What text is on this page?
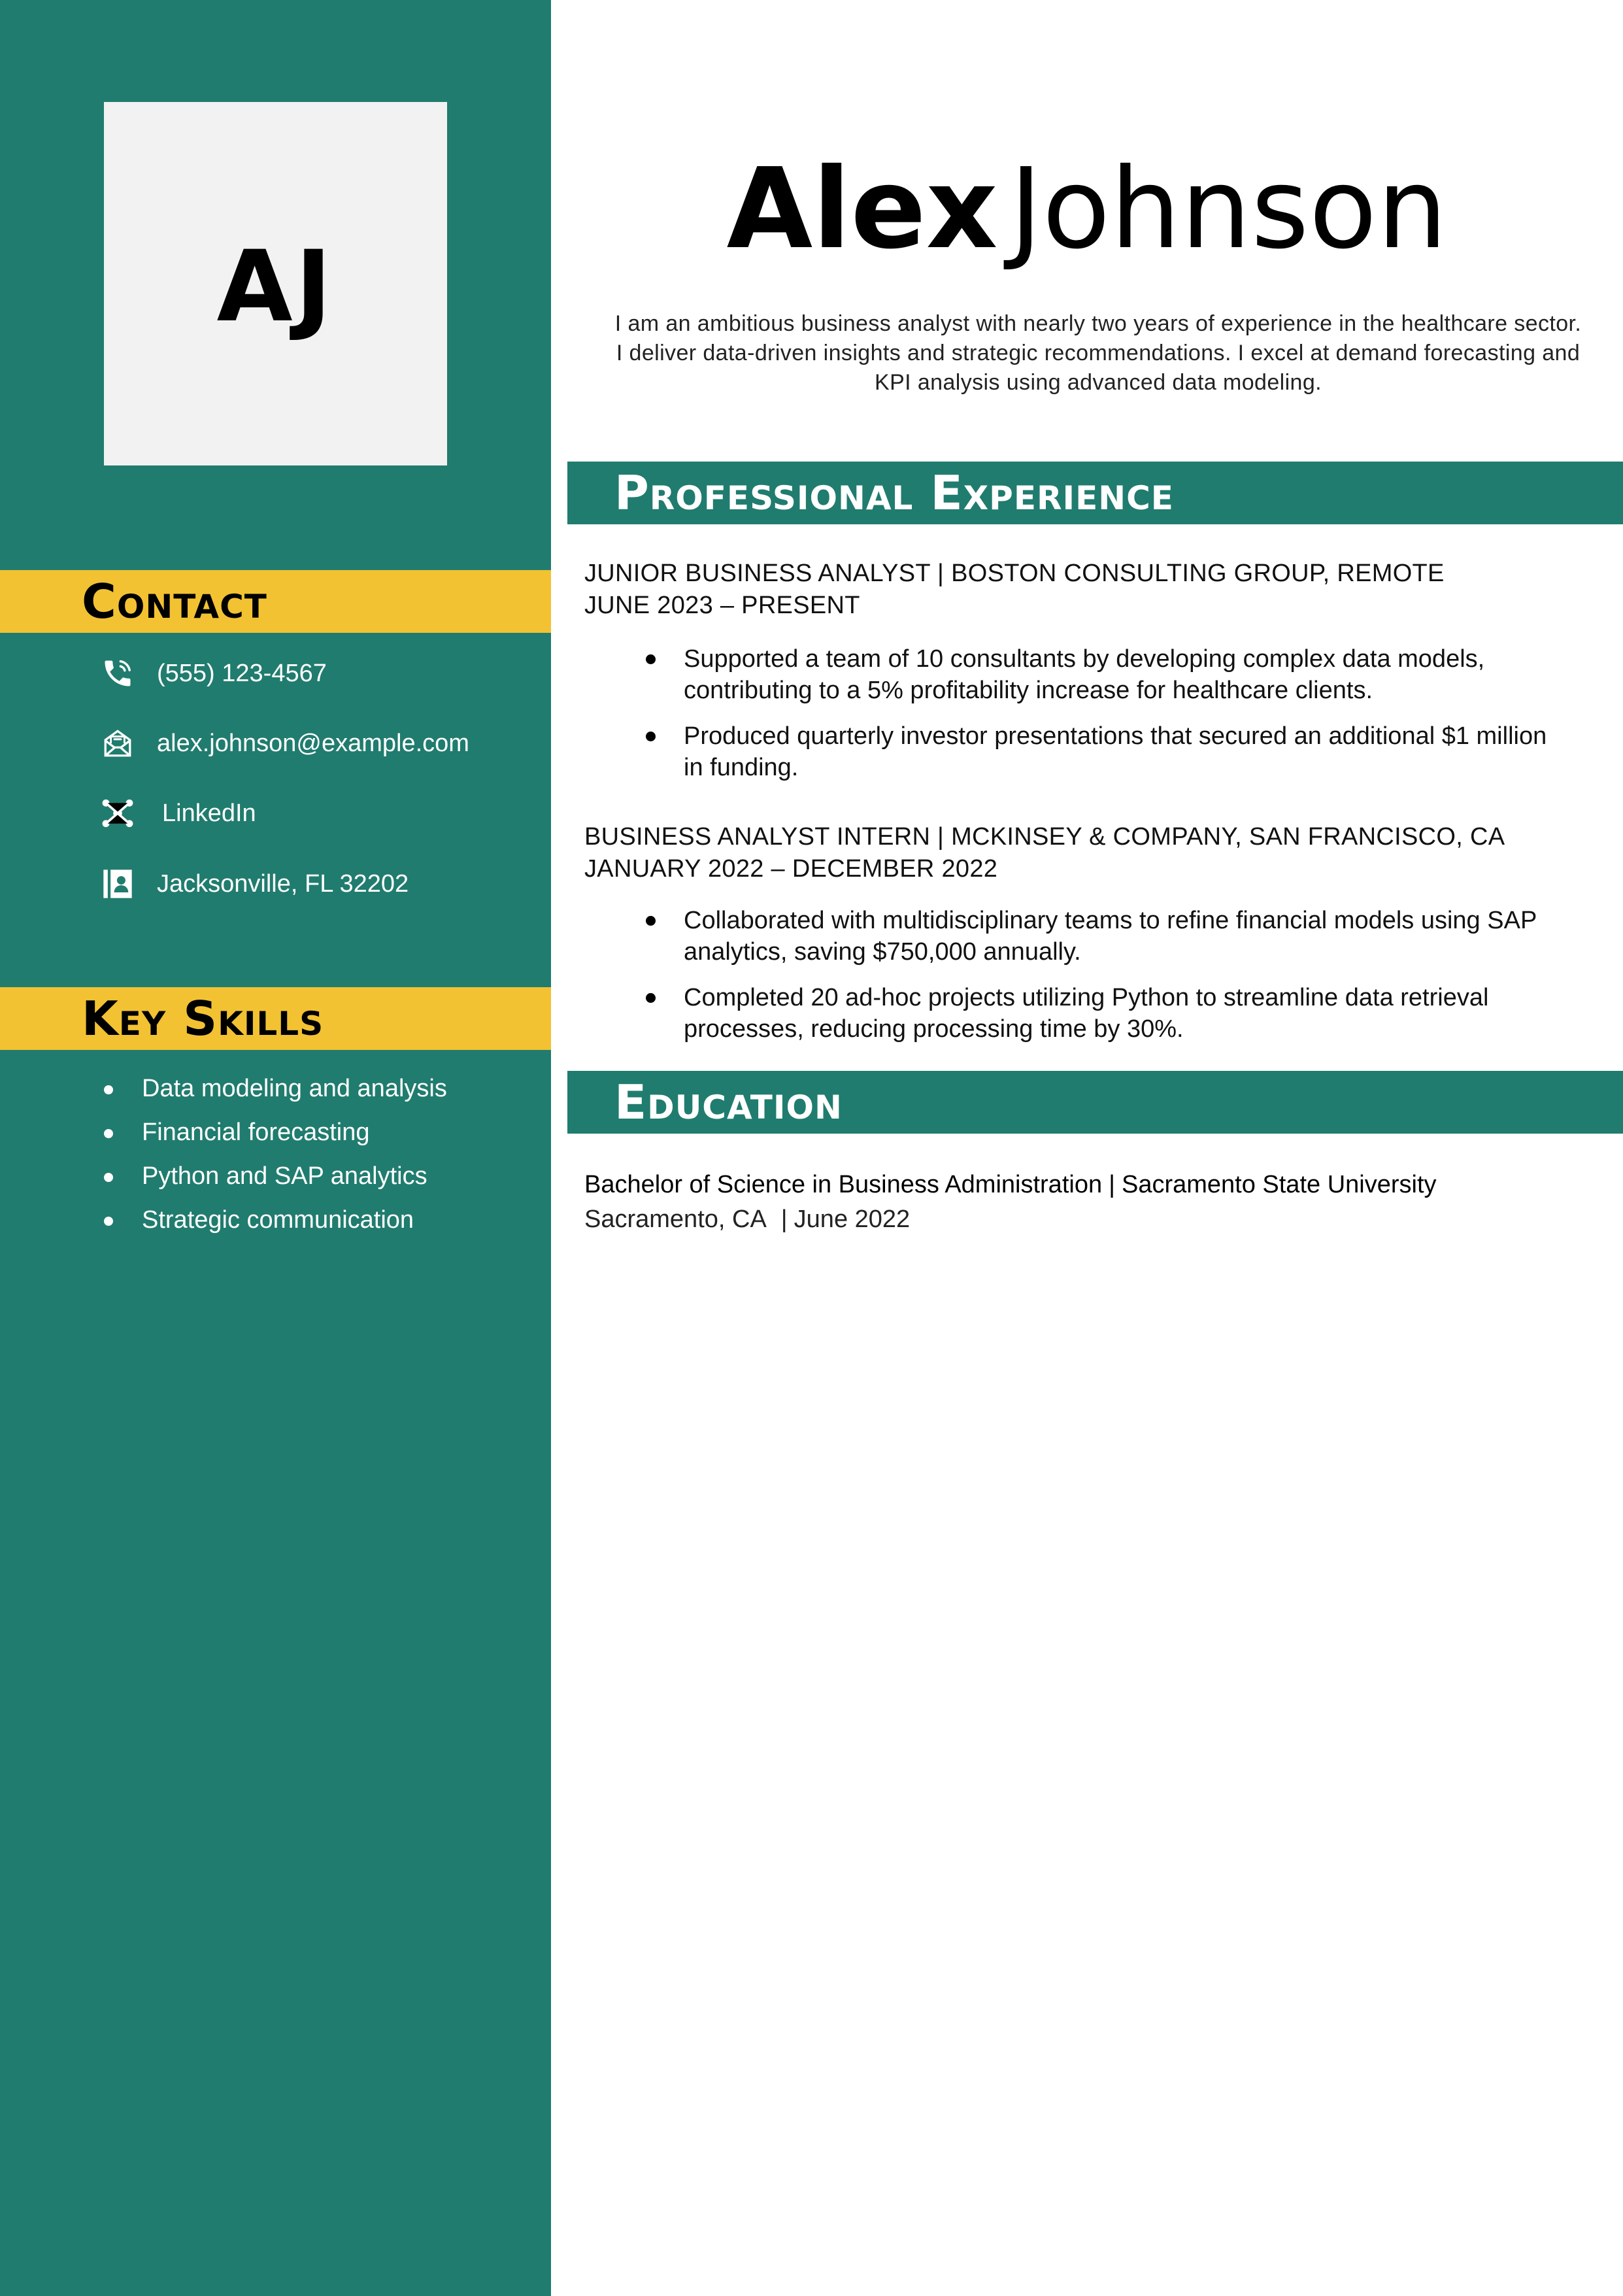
AJ
Contact
(555) 123-4567
alex.johnson@example.com
LinkedIn
Jacksonville, FL 32202
Key Skills
Data modeling and analysis
Financial forecasting
Python and SAP analytics
Strategic communication
Alex Johnson
I am an ambitious business analyst with nearly two years of experience in the healthcare sector. I deliver data-driven insights and strategic recommendations. I excel at demand forecasting and KPI analysis using advanced data modeling.
Professional Experience
JUNIOR BUSINESS ANALYST | BOSTON CONSULTING GROUP, REMOTE
JUNE 2023 – PRESENT
Supported a team of 10 consultants by developing complex data models, contributing to a 5% profitability increase for healthcare clients.
Produced quarterly investor presentations that secured an additional $1 million in funding.
BUSINESS ANALYST INTERN | MCKINSEY & COMPANY, SAN FRANCISCO, CA
JANUARY 2022 – DECEMBER 2022
Collaborated with multidisciplinary teams to refine financial models using SAP analytics, saving $750,000 annually.
Completed 20 ad-hoc projects utilizing Python to streamline data retrieval processes, reducing processing time by 30%.
Education
Bachelor of Science in Business Administration | Sacramento State University
Sacramento, CA | June 2022
